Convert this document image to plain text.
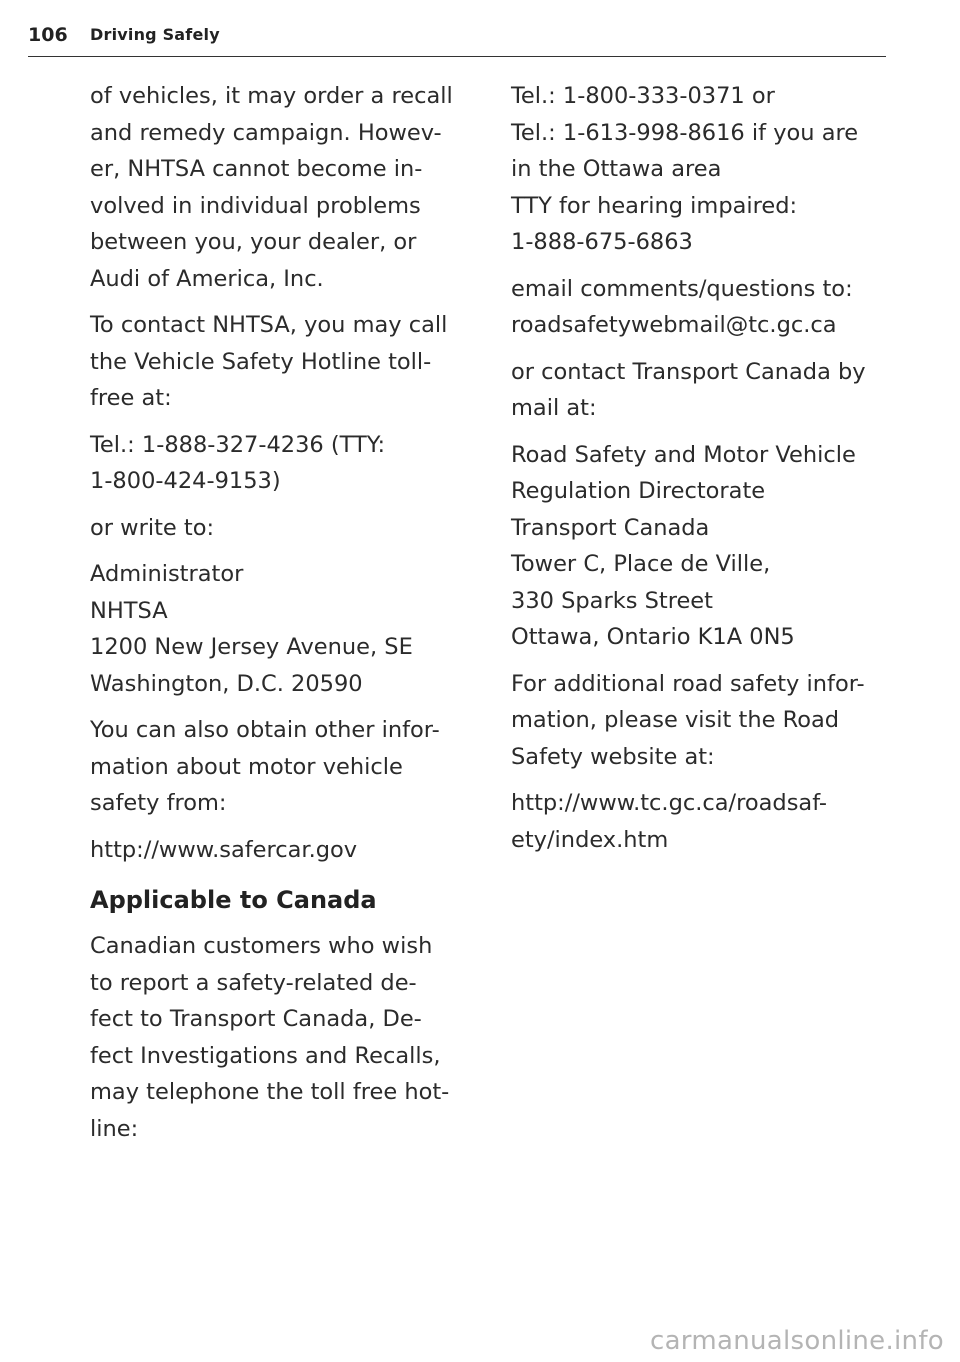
106 Driving Safely

of vehicles, it may order a recall
and remedy campaign. Howev-
er, NHTSA cannot become in-
volved in individual problems
between you, your dealer, or
Audi of America, Inc.

To contact NHTSA, you may call
the Vehicle Safety Hotline toll-
free at:

Tel.: 1-888-327-4236 (TTY:
1-800-424-9153)

or write to:

Administrator
NHTSA
1200 New Jersey Avenue, SE
Washington, D.C. 20590

You can also obtain other infor-
mation about motor vehicle
safety from:

http://www.safercar.gov

Applicable to Canada

Canadian customers who wish
to report a safety-related de-
fect to Transport Canada, De-
fect Investigations and Recalls,
may telephone the toll free hot-
line:

Tel.: 1-800-333-0371 or
Tel.: 1-613-998-8616 if you are
in the Ottawa area
TTY for hearing impaired:
1-888-675-6863

email comments/questions to:
roadsafetywebmail@tc.gc.ca

or contact Transport Canada by
mail at:

Road Safety and Motor Vehicle
Regulation Directorate
Transport Canada
Tower C, Place de Ville,
330 Sparks Street
Ottawa, Ontario K1A 0N5

For additional road safety infor-
mation, please visit the Road
Safety website at:

http://www.tc.gc.ca/roadsaf-
ety/index.htm

carmanualsonline.info
